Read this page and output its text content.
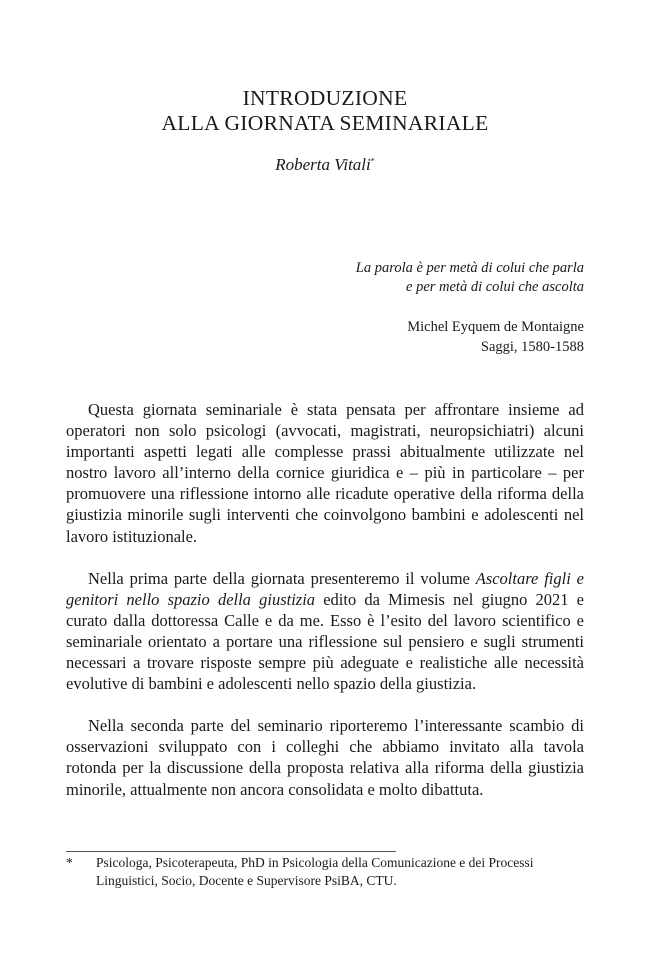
INTRODUZIONE
ALLA GIORNATA SEMINARIALE
Roberta Vitali*
La parola è per metà di colui che parla
e per metà di colui che ascolta
Michel Eyquem de Montaigne
Saggi, 1580-1588

Questa giornata seminariale è stata pensata per affrontare insieme ad operatori non solo psicologi (avvocati, magistrati, neuropsichiatri) alcuni importanti aspetti legati alle complesse prassi abitualmente utilizzate nel nostro lavoro all’interno della cornice giuridica e – più in particolare – per promuovere una riflessione intorno alle ricadute operative della riforma della giustizia minorile sugli interventi che coinvolgono bambini e adolescenti nel lavoro istituzionale.

Nella prima parte della giornata presenteremo il volume Ascoltare figli e genitori nello spazio della giustizia edito da Mimesis nel giugno 2021 e curato dalla dottoressa Calle e da me. Esso è l’esito del lavoro scientifico e seminariale orientato a portare una riflessione sul pensiero e sugli strumenti necessari a trovare risposte sempre più adeguate e realistiche alle necessità evolutive di bambini e adolescenti nello spazio della giustizia.

Nella seconda parte del seminario riporteremo l’interessante scambio di osservazioni sviluppato con i colleghi che abbiamo invitato alla tavola rotonda per la discussione della proposta relativa alla riforma della giustizia minorile, attualmente non ancora consolidata e molto dibattuta.

*	Psicologa, Psicoterapeuta, PhD in Psicologia della Comunicazione e dei Processi Linguistici, Socio, Docente e Supervisore PsiBA, CTU.
